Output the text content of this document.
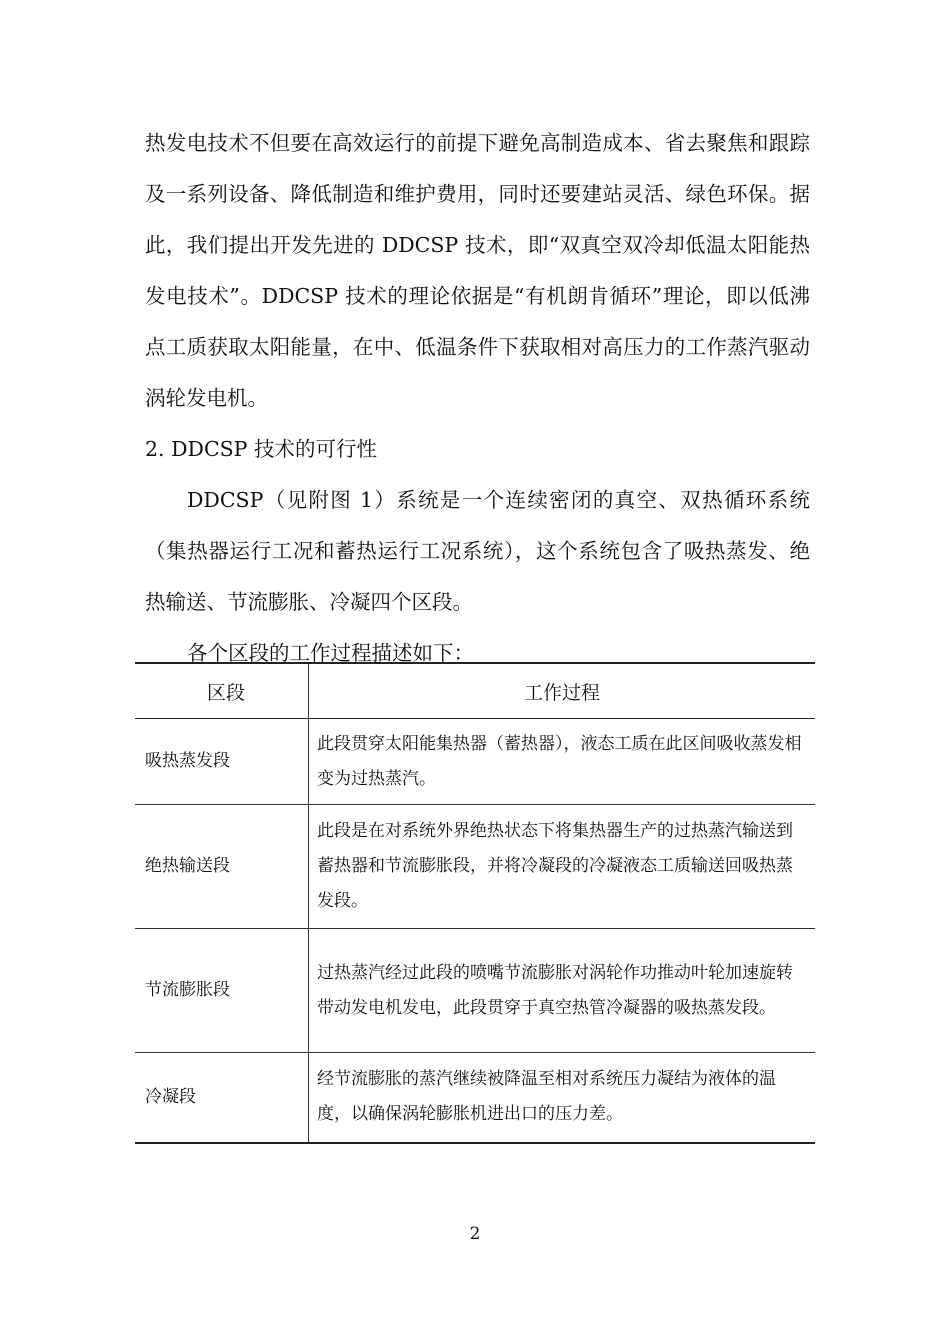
热发电技术不但要在高效运行的前提下避免高制造成本、省去聚焦和跟踪及一系列设备、降低制造和维护费用，同时还要建站灵活、绿色环保。据此，我们提出开发先进的 DDCSP 技术，即“双真空双冷却低温太阳能热发电技术”。DDCSP 技术的理论依据是“有机朗肯循环”理论，即以低沸点工质获取太阳能量，在中、低温条件下获取相对高压力的工作蒸汽驱动涡轮发电机。

2. DDCSP 技术的可行性

DDCSP（见附图 1）系统是一个连续密闭的真空、双热循环系统（集热器运行工况和蓄热运行工况系统），这个系统包含了吸热蒸发、绝热输送、节流膨胀、冷凝四个区段。

各个区段的工作过程描述如下：

区段	工作过程
吸热蒸发段	此段贯穿太阳能集热器（蓄热器），液态工质在此区间吸收蒸发相变为过热蒸汽。
绝热输送段	此段是在对系统外界绝热状态下将集热器生产的过热蒸汽输送到蓄热器和节流膨胀段，并将冷凝段的冷凝液态工质输送回吸热蒸发段。
节流膨胀段	过热蒸汽经过此段的喷嘴节流膨胀对涡轮作功推动叶轮加速旋转带动发电机发电，此段贯穿于真空热管冷凝器的吸热蒸发段。
冷凝段	经节流膨胀的蒸汽继续被降温至相对系统压力凝结为液体的温度，以确保涡轮膨胀机进出口的压力差。
2
